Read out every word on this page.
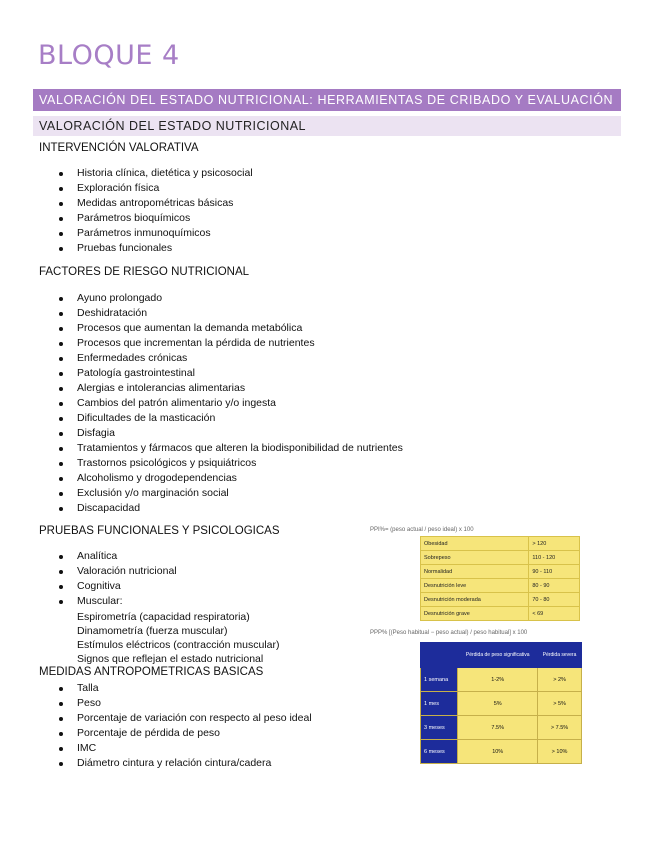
BLOQUE 4
VALORACIÓN DEL ESTADO NUTRICIONAL: HERRAMIENTAS DE CRIBADO Y EVALUACIÓN
VALORACIÓN DEL ESTADO NUTRICIONAL
INTERVENCIÓN VALORATIVA
Historia clínica, dietética y psicosocial
Exploración física
Medidas antropométricas básicas
Parámetros bioquímicos
Parámetros inmunoquímicos
Pruebas funcionales
FACTORES DE RIESGO NUTRICIONAL
Ayuno prolongado
Deshidratación
Procesos que aumentan la demanda metabólica
Procesos que incrementan la pérdida de nutrientes
Enfermedades crónicas
Patología gastrointestinal
Alergias e intolerancias alimentarias
Cambios del patrón alimentario y/o ingesta
Dificultades de la masticación
Disfagia
Tratamientos y fármacos que alteren la biodisponibilidad de nutrientes
Trastornos psicológicos y psiquiátricos
Alcoholismo y drogodependencias
Exclusión y/o marginación social
Discapacidad
PRUEBAS FUNCIONALES Y PSICOLOGICAS
Analítica
Valoración nutricional
Cognitiva
Muscular:
Espirometría (capacidad respiratoria)
Dinamometría (fuerza muscular)
Estímulos eléctricos (contracción muscular)
Signos que reflejan el estado nutricional
MEDIDAS ANTROPOMETRICAS BASICAS
Talla
Peso
Porcentaje de variación con respecto al peso ideal
Porcentaje de pérdida de peso
IMC
Diámetro cintura y relación cintura/cadera
PPI%= (peso actual / peso ideal) x 100
Obesidad	> 120
Sobrepeso	110 - 120
Normalidad	90 - 110
Desnutrición leve	80 - 90
Desnutrición moderada	70 - 80
Desnutrición grave	< 69
PPP% [(Peso habitual − peso actual) / peso habitual] x 100
	Pérdida de peso significativa	Pérdida severa
1 semana	1-2%	> 2%
1 mes	5%	> 5%
3 meses	7.5%	> 7.5%
6 meses	10%	> 10%
